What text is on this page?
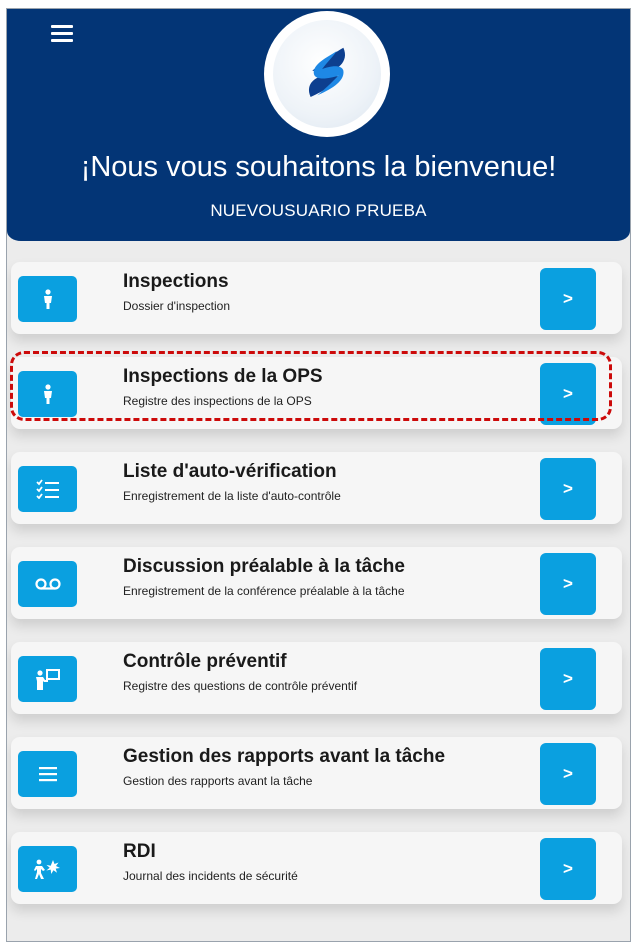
¡Nous vous souhaitons la bienvenue!
NUEVOUSUARIO PRUEBA
Inspections
Dossier d'inspection	>
Inspections de la OPS
Registre des inspections de la OPS	>
Liste d'auto-vérification
Enregistrement de la liste d'auto-contrôle	>
Discussion préalable à la tâche
Enregistrement de la conférence préalable à la tâche	>
Contrôle préventif
Registre des questions de contrôle préventif	>
Gestion des rapports avant la tâche
Gestion des rapports avant la tâche	>
RDI
Journal des incidents de sécurité	>
